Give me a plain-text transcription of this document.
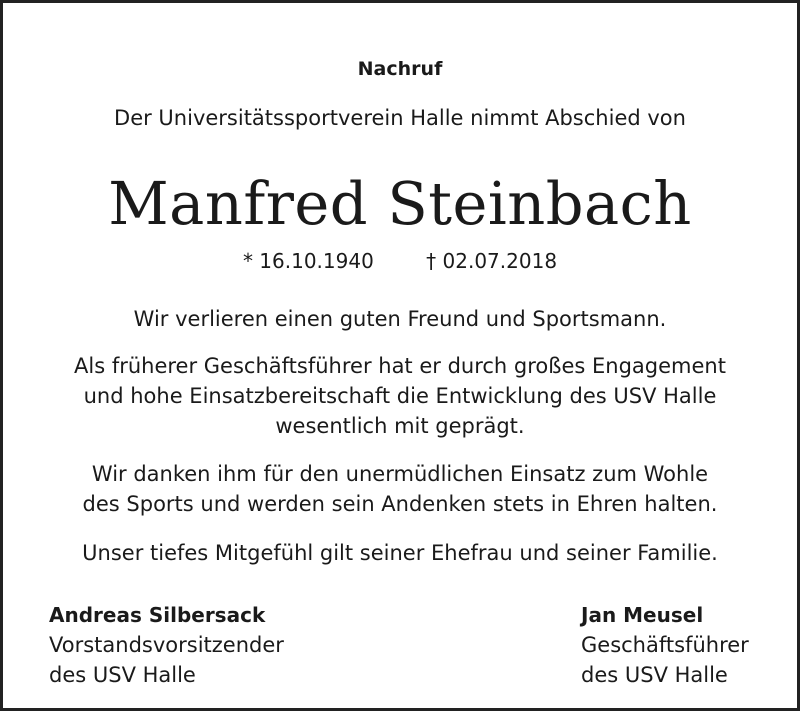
Nachruf
Der Universitätssportverein Halle nimmt Abschied von
Manfred Steinbach
* 16.10.1940	† 02.07.2018
Wir verlieren einen guten Freund und Sportsmann.
Als früherer Geschäftsführer hat er durch großes Engagement
und hohe Einsatzbereitschaft die Entwicklung des USV Halle
wesentlich mit geprägt.
Wir danken ihm für den unermüdlichen Einsatz zum Wohle
des Sports und werden sein Andenken stets in Ehren halten.
Unser tiefes Mitgefühl gilt seiner Ehefrau und seiner Familie.
Andreas Silbersack
Vorstandsvorsitzender
des USV Halle
Jan Meusel
Geschäftsführer
des USV Halle
